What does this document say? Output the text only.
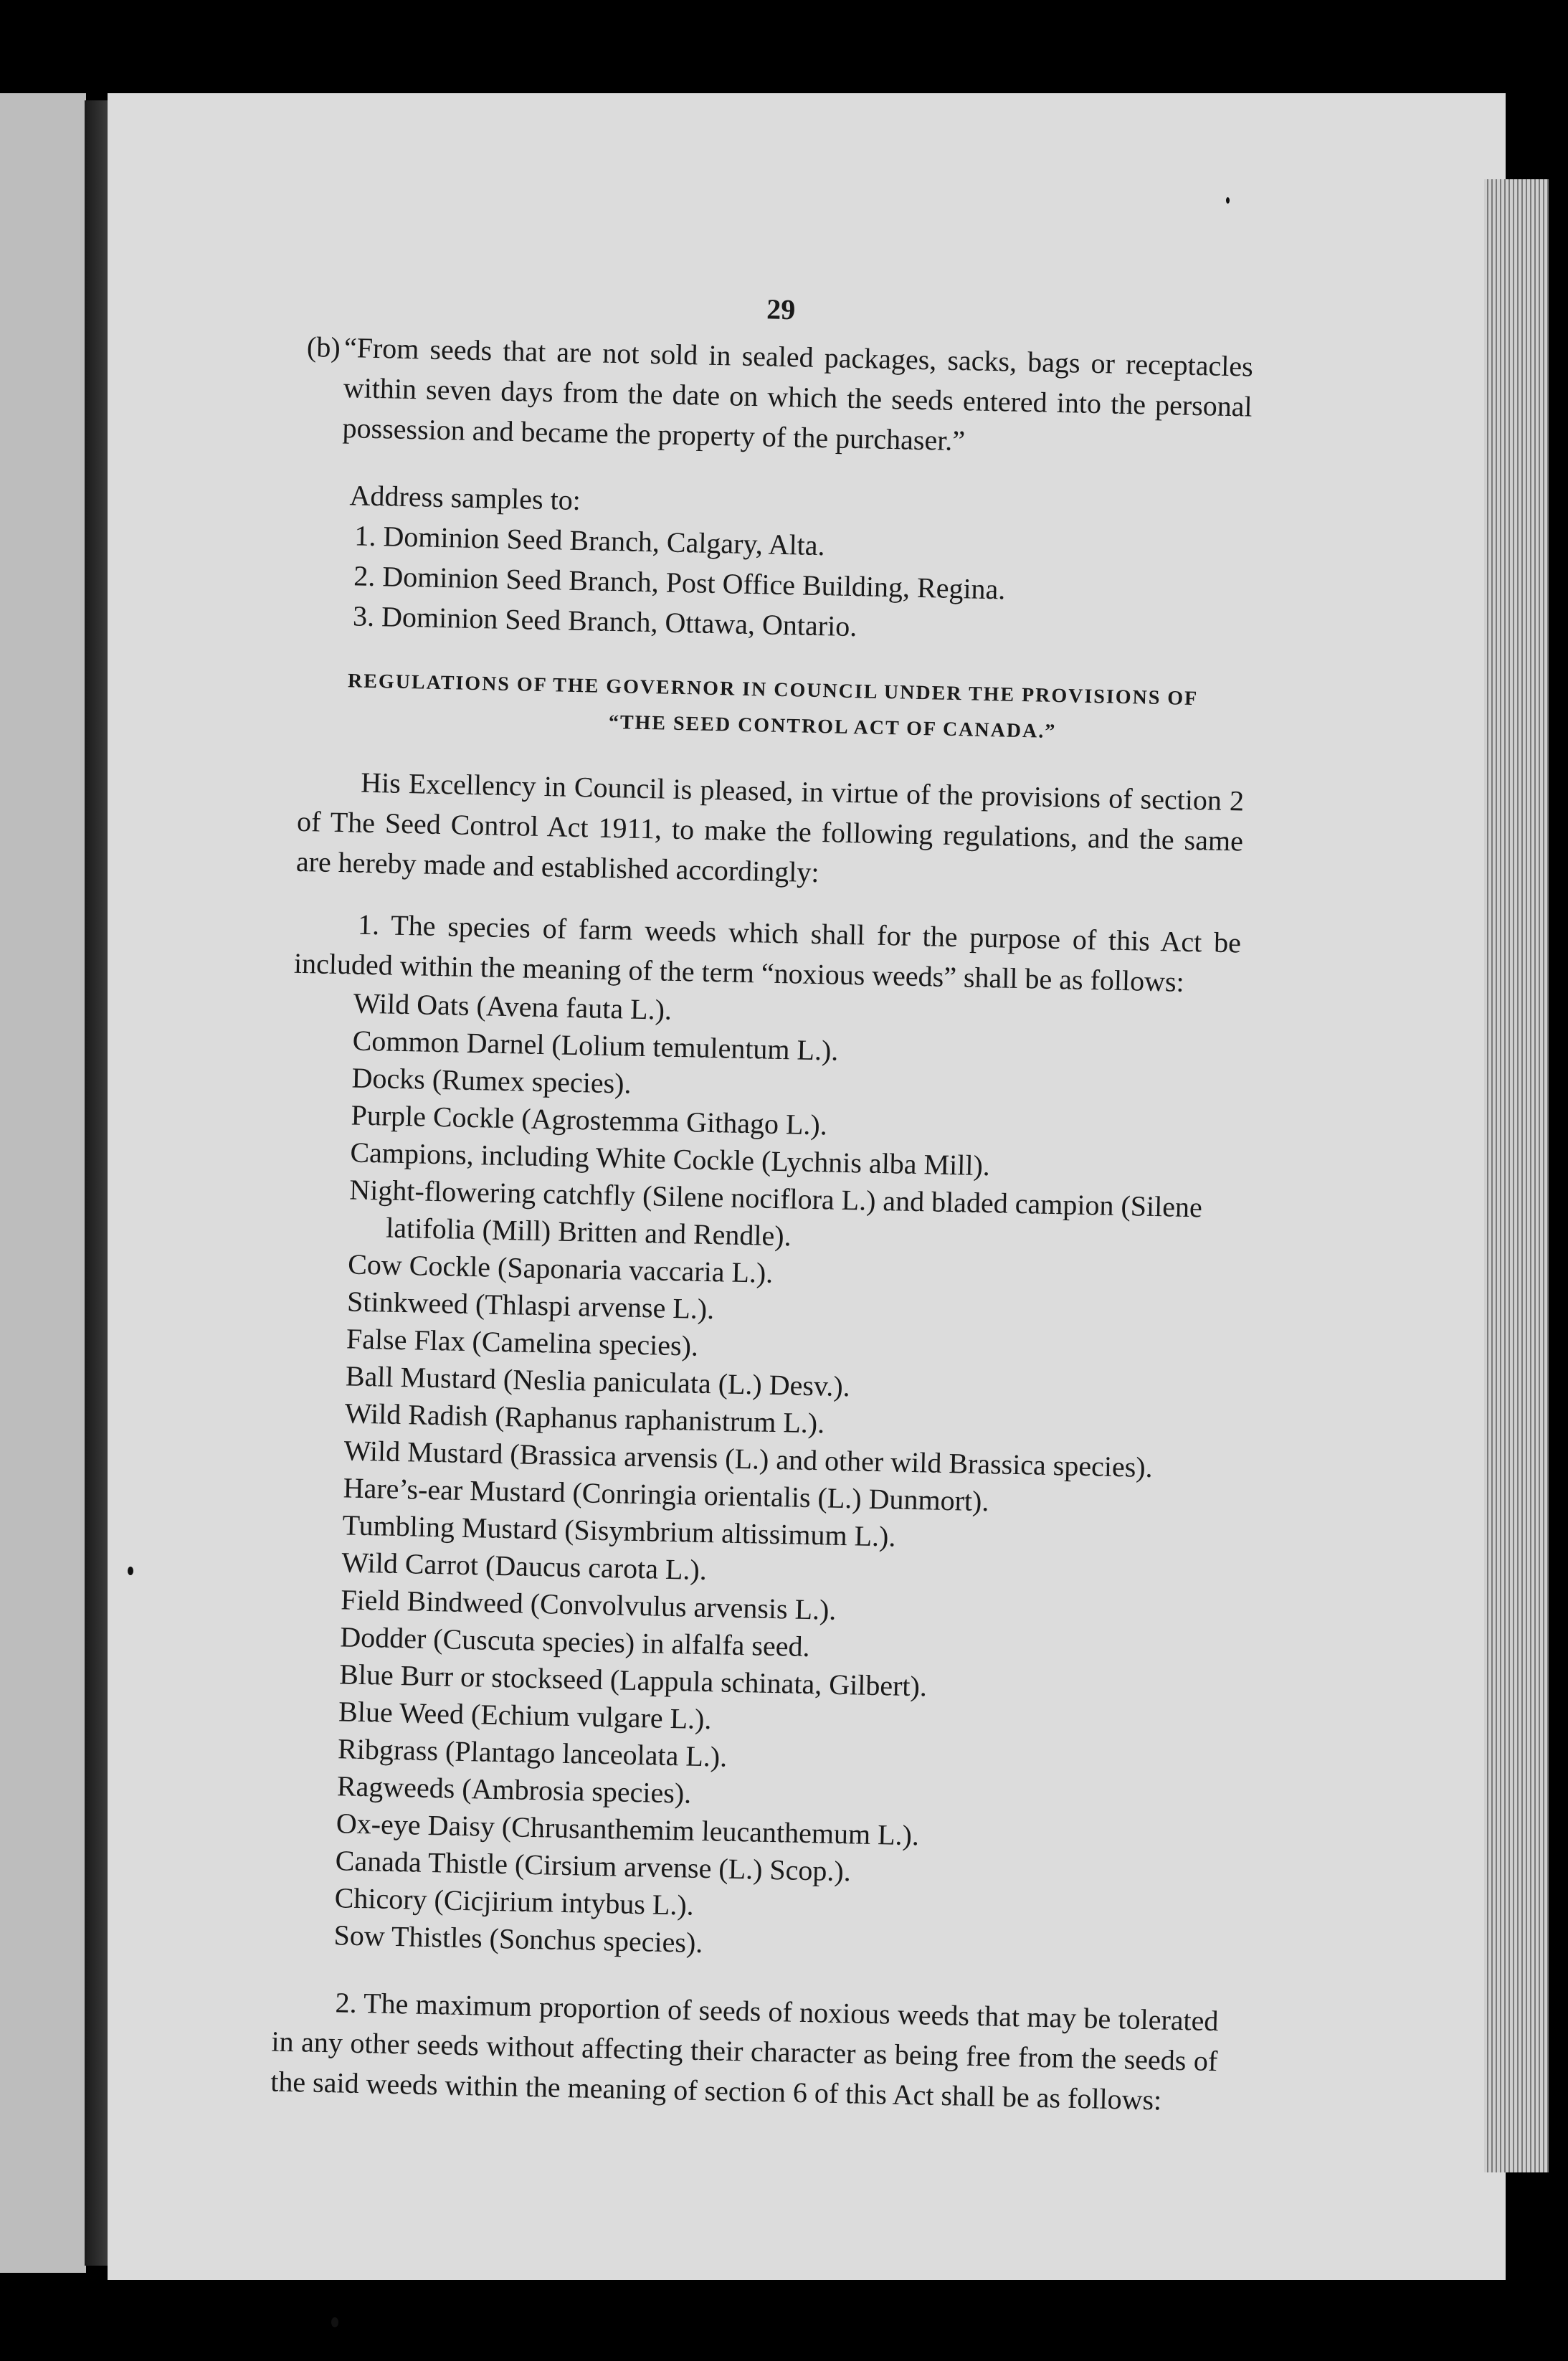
29

(b) “From seeds that are not sold in sealed packages, sacks, bags or receptacles within seven days from the date on which the seeds entered into the personal possession and became the property of the purchaser.”

Address samples to:

1. Dominion Seed Branch, Calgary, Alta.
2. Dominion Seed Branch, Post Office Building, Regina.
3. Dominion Seed Branch, Ottawa, Ontario.
REGULATIONS OF THE GOVERNOR IN COUNCIL UNDER THE PROVISIONS OF
“THE SEED CONTROL ACT OF CANADA.”

His Excellency in Council is pleased, in virtue of the provisions of section 2 of The Seed Control Act 1911, to make the following regulations, and the same are hereby made and established accordingly:

1. The species of farm weeds which shall for the purpose of this Act be included within the meaning of the term “noxious weeds” shall be as follows:

Wild Oats (Avena fauta L.).
Common Darnel (Lolium temulentum L.).
Docks (Rumex species).
Purple Cockle (Agrostemma Githago L.).
Campions, including White Cockle (Lychnis alba Mill).
Night-flowering catchfly (Silene nociflora L.) and bladed campion (Silene latifolia (Mill) Britten and Rendle).
Cow Cockle (Saponaria vaccaria L.).
Stinkweed (Thlaspi arvense L.).
False Flax (Camelina species).
Ball Mustard (Neslia paniculata (L.) Desv.).
Wild Radish (Raphanus raphanistrum L.).
Wild Mustard (Brassica arvensis (L.) and other wild Brassica species).
Hare’s-ear Mustard (Conringia orientalis (L.) Dunmort).
Tumbling Mustard (Sisymbrium altissimum L.).
Wild Carrot (Daucus carota L.).
Field Bindweed (Convolvulus arvensis L.).
Dodder (Cuscuta species) in alfalfa seed.
Blue Burr or stockseed (Lappula schinata, Gilbert).
Blue Weed (Echium vulgare L.).
Ribgrass (Plantago lanceolata L.).
Ragweeds (Ambrosia species).
Ox-eye Daisy (Chrusanthemim leucanthemum L.).
Canada Thistle (Cirsium arvense (L.) Scop.).
Chicory (Cicjirium intybus L.).
Sow Thistles (Sonchus species).

2. The maximum proportion of seeds of noxious weeds that may be tolerated in any other seeds without affecting their character as being free from the seeds of the said weeds within the meaning of section 6 of this Act shall be as follows:
